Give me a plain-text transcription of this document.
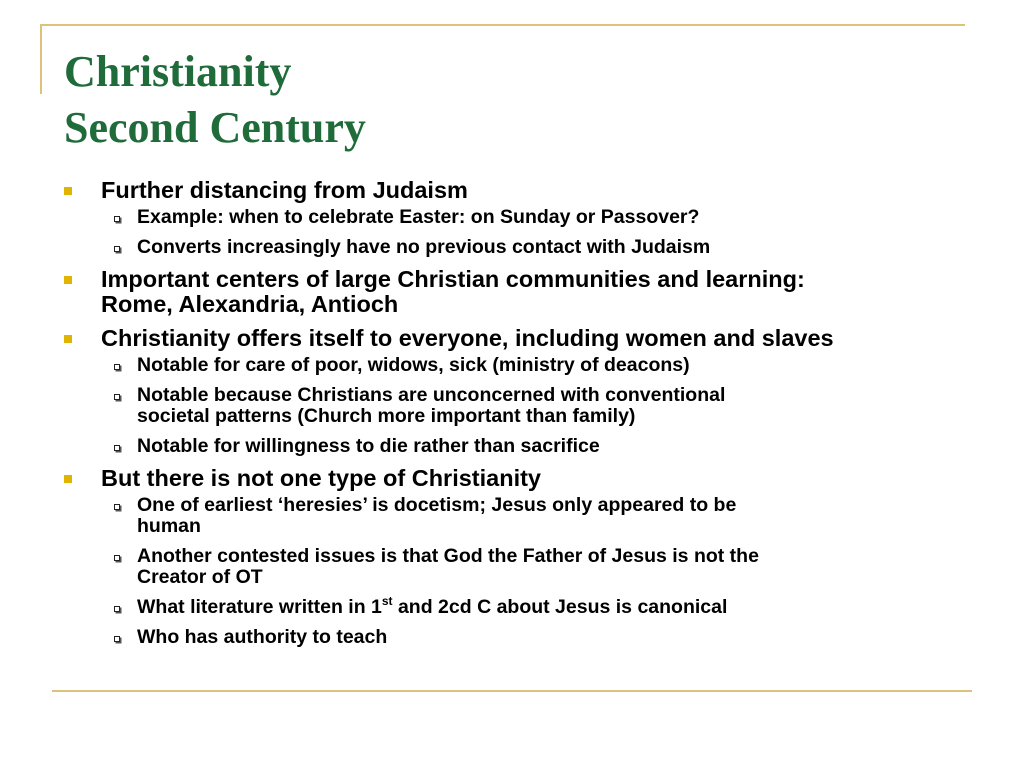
Christianity
Second Century
Further distancing from Judaism
Example: when to celebrate Easter: on Sunday or Passover?
Converts increasingly have no previous contact with Judaism
Important centers of large Christian communities and learning:
Rome, Alexandria, Antioch
Christianity offers itself to everyone, including women and slaves
Notable for care of poor, widows, sick (ministry of deacons)
Notable because Christians are unconcerned with conventional
societal patterns (Church more important than family)
Notable for willingness to die rather than sacrifice
But there is not one type of Christianity
One of earliest ‘heresies’ is docetism; Jesus only appeared to be
human
Another contested issues is that God the Father of Jesus is not the
Creator of OT
What literature written in 1st and 2cd C about Jesus is canonical
Who has authority to teach
